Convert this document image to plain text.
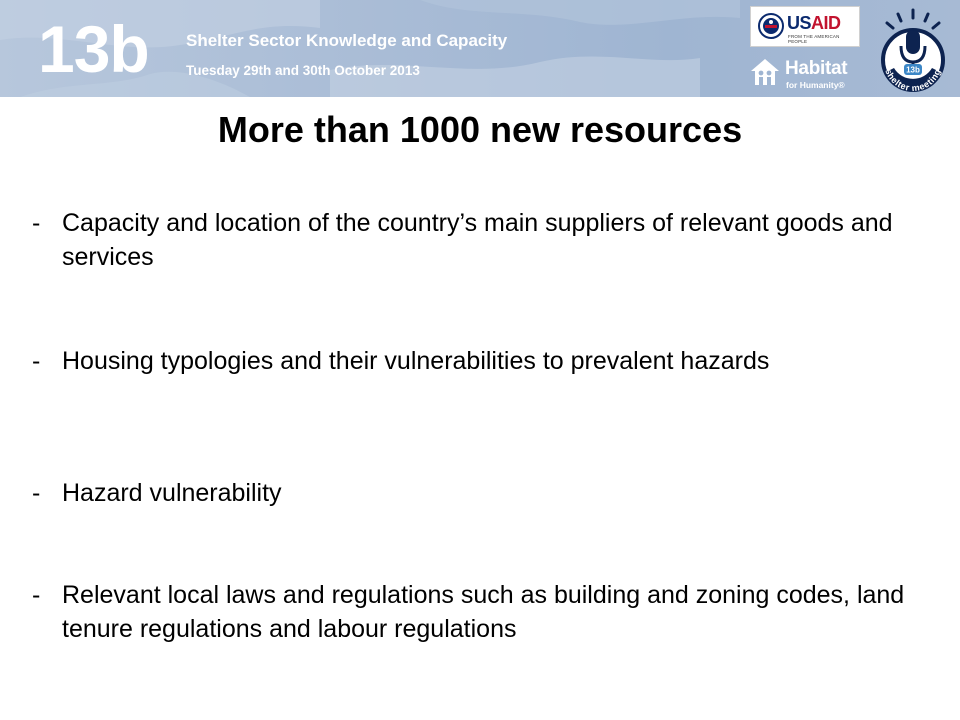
13b Shelter Sector Knowledge and Capacity
Tuesday 29th and 30th October 2013
USAID
FROM THE AMERICAN PEOPLE
Habitat
for Humanity®
13b
shelter meeting
More than 1000 new resources
- Capacity and location of the country’s main suppliers of relevant goods and services
- Housing typologies and their vulnerabilities to prevalent hazards
- Hazard vulnerability
- Relevant local laws and regulations such as building and zoning codes, land tenure regulations and labour regulations
